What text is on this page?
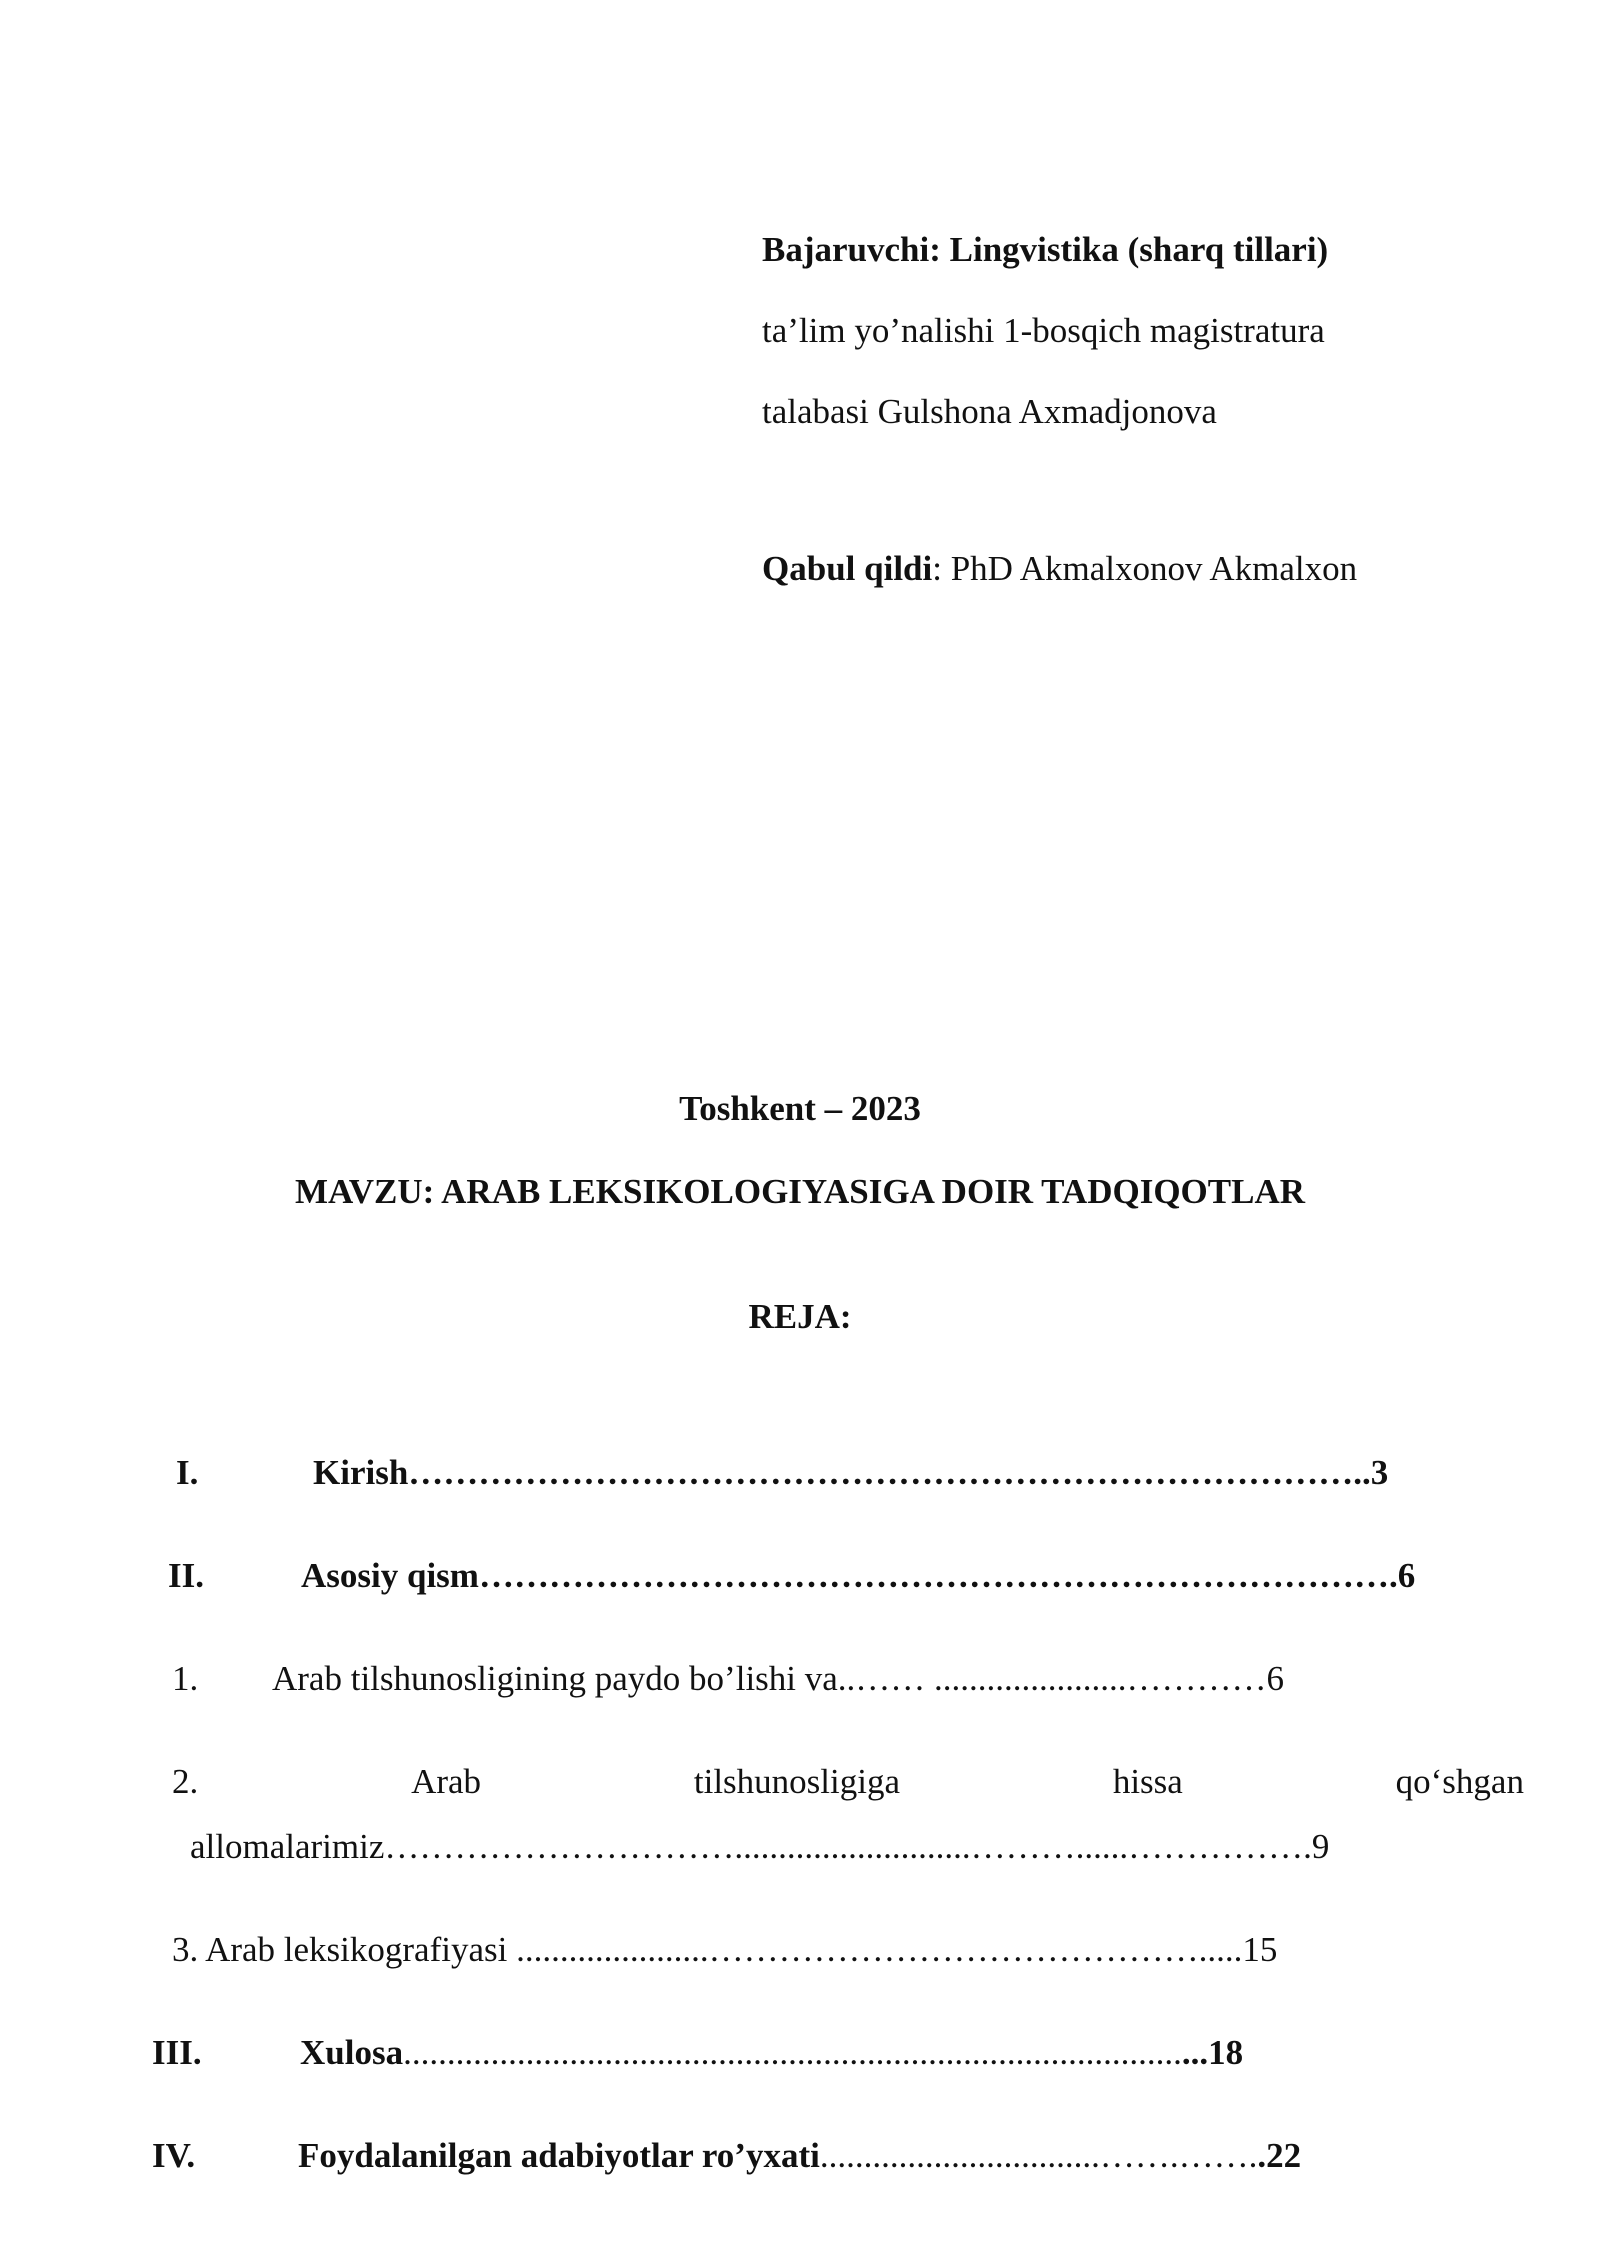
Bajaruvchi: Lingvistika (sharq tillari)
ta’lim yo’nalishi 1-bosqich magistratura
talabasi Gulshona Axmadjonova
Qabul qildi: PhD Akmalxonov Akmalxon
Toshkent – 2023
MAVZU: ARAB LEKSIKOLOGIYASIGA DOIR TADQIQOTLAR
REJA:
I.	Kirish………………………………………………………………………..3
II.	Asosiy qism…………………………………………………………………….6
1. Arab tilshunosligining paydo bo’lishi va..…… ......................…………6
2.	Arab	tilshunosligiga	hissa	qo‘shgan
allomalarimiz…………………………...........................………......…………….9
3. Arab leksikografiyasi ......................…………………………………….....15
III.	Xulosa............................................................................................18
IV.	Foydalanilgan adabiyotlar ro’yxati................................…….……..22
